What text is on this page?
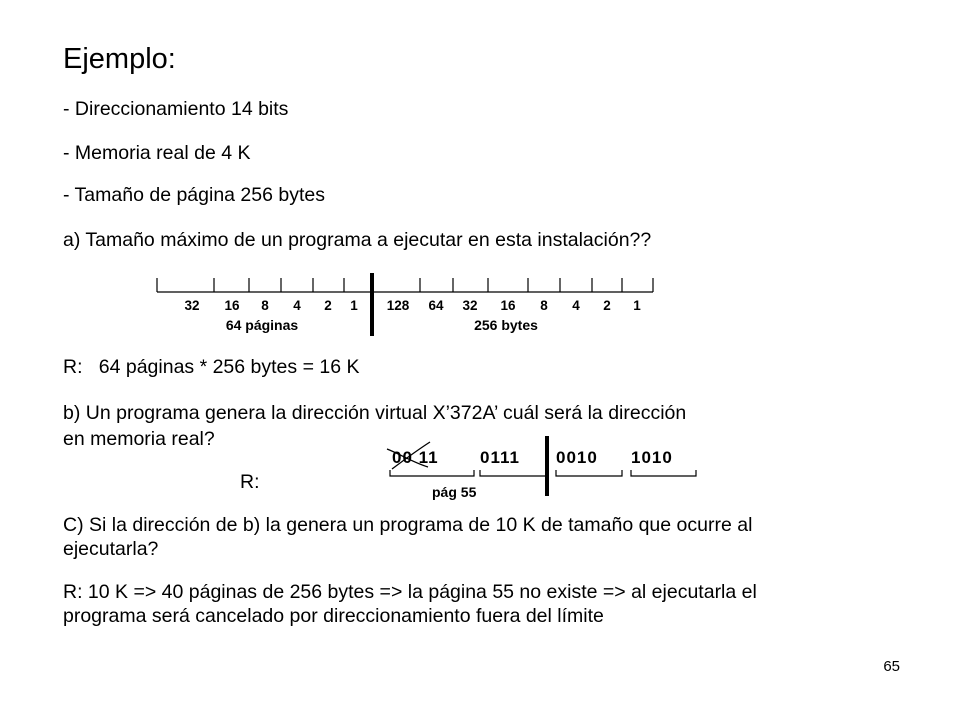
Ejemplo:
- Direccionamiento 14 bits
- Memoria real de 4 K
- Tamaño de página 256 bytes
a) Tamaño máximo de un programa a ejecutar en esta instalación??
32 16 8 4 2 1 128 64 32 16 8 4 2 1
64 páginas	256 bytes
R:   64 páginas * 256 bytes = 16 K
b) Un programa genera la dirección virtual X’372A’ cuál será la dirección
en memoria real?
R:
00 11 0111 0010 1010
pág 55
C) Si la dirección de b) la genera un programa de 10 K de tamaño que ocurre al ejecutarla?
R: 10 K => 40 páginas de 256 bytes => la página 55 no existe => al ejecutarla el programa será cancelado por direccionamiento fuera del límite
65
